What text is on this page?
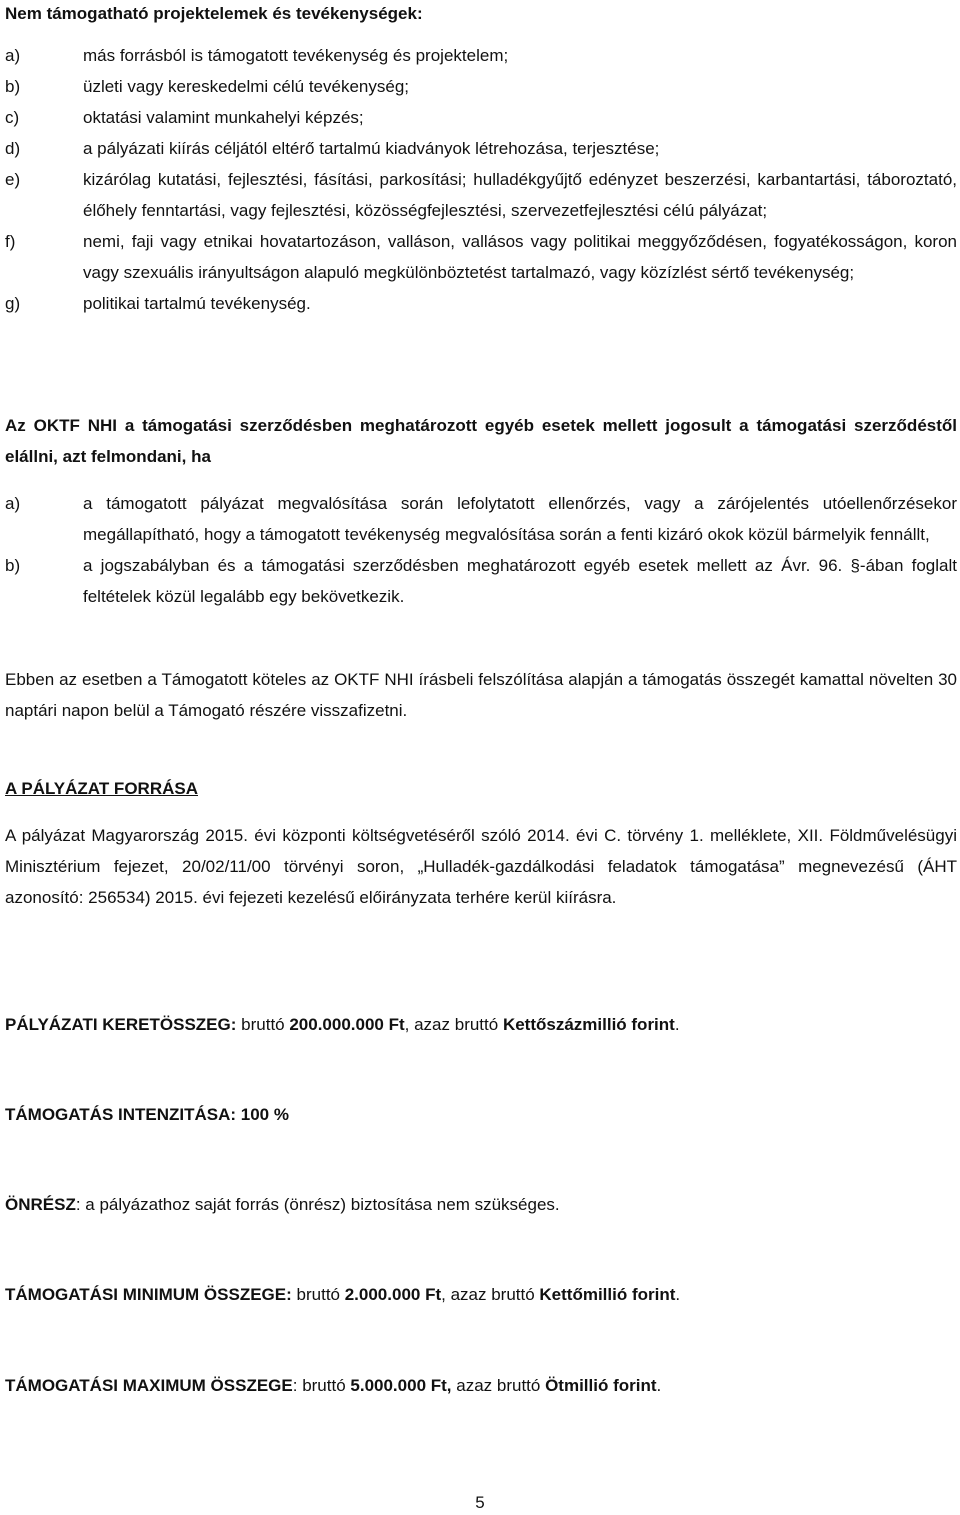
Nem támogatható projektelemek és tevékenységek:

a)	más forrásból is támogatott tevékenység és projektelem;
b)	üzleti vagy kereskedelmi célú tevékenység;
c)	oktatási valamint munkahelyi képzés;
d)	a pályázati kiírás céljától eltérő tartalmú kiadványok létrehozása, terjesztése;
e)	kizárólag kutatási, fejlesztési, fásítási, parkosítási; hulladékgyűjtő edényzet beszerzési, karbantartási, táboroztató, élőhely fenntartási, vagy fejlesztési, közösségfejlesztési, szervezetfejlesztési célú pályázat;
f)	nemi, faji vagy etnikai hovatartozáson, valláson, vallásos vagy politikai meggyőződésen, fogyatékosságon, koron vagy szexuális irányultságon alapuló megkülönböztetést tartalmazó, vagy közízlést sértő tevékenység;
g)	politikai tartalmú tevékenység.

Az OKTF NHI a támogatási szerződésben meghatározott egyéb esetek mellett jogosult a támogatási szerződéstől elállni, azt felmondani, ha

a)	a támogatott pályázat megvalósítása során lefolytatott ellenőrzés, vagy a zárójelentés utóellenőrzésekor megállapítható, hogy a támogatott tevékenység megvalósítása során a fenti kizáró okok közül bármelyik fennállt,
b)	a jogszabályban és a támogatási szerződésben meghatározott egyéb esetek mellett az Ávr. 96. §-ában foglalt feltételek közül legalább egy bekövetkezik.

Ebben az esetben a Támogatott köteles az OKTF NHI írásbeli felszólítása alapján a támogatás összegét kamattal növelten 30 naptári napon belül a Támogató részére visszafizetni.

A PÁLYÁZAT FORRÁSA

A pályázat Magyarország 2015. évi központi költségvetéséről szóló 2014. évi C. törvény 1. melléklete, XII. Földművelésügyi Minisztérium fejezet, 20/02/11/00 törvényi soron, „Hulladék-gazdálkodási feladatok támogatása” megnevezésű (ÁHT azonosító: 256534) 2015. évi fejezeti kezelésű előirányzata terhére kerül kiírásra.

PÁLYÁZATI KERETÖSSZEG: bruttó 200.000.000 Ft, azaz bruttó Kettőszázmillió forint.

TÁMOGATÁS INTENZITÁSA: 100 %

ÖNRÉSZ: a pályázathoz saját forrás (önrész) biztosítása nem szükséges.

TÁMOGATÁSI MINIMUM ÖSSZEGE: bruttó 2.000.000 Ft, azaz bruttó Kettőmillió forint.

TÁMOGATÁSI MAXIMUM ÖSSZEGE: bruttó 5.000.000 Ft, azaz bruttó Ötmillió forint.

5
